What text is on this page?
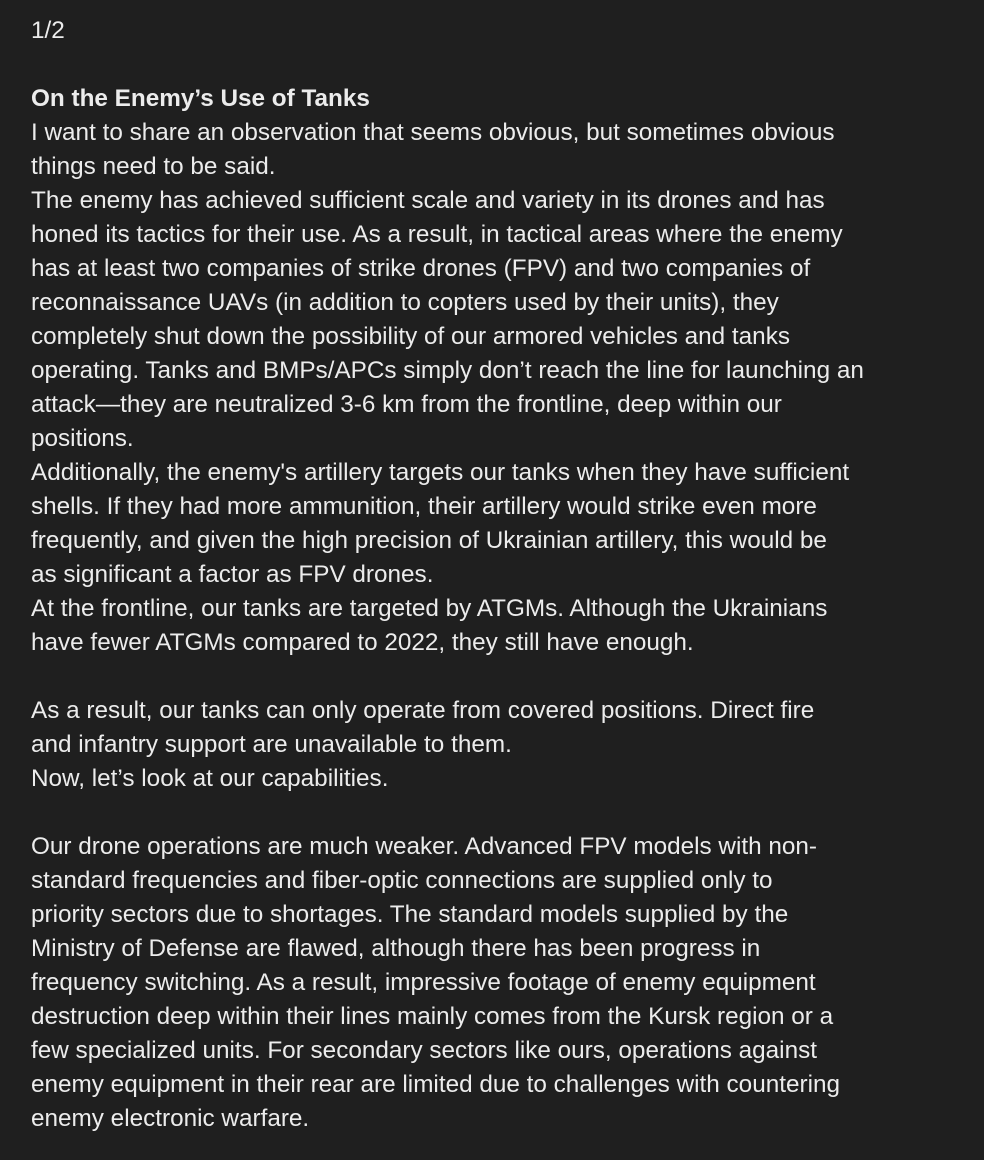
1/2
On the Enemy’s Use of Tanks
I want to share an observation that seems obvious, but sometimes obvious
things need to be said.
The enemy has achieved sufficient scale and variety in its drones and has
honed its tactics for their use. As a result, in tactical areas where the enemy
has at least two companies of strike drones (FPV) and two companies of
reconnaissance UAVs (in addition to copters used by their units), they
completely shut down the possibility of our armored vehicles and tanks
operating. Tanks and BMPs/APCs simply don’t reach the line for launching an
attack—they are neutralized 3-6 km from the frontline, deep within our
positions.
Additionally, the enemy's artillery targets our tanks when they have sufficient
shells. If they had more ammunition, their artillery would strike even more
frequently, and given the high precision of Ukrainian artillery, this would be
as significant a factor as FPV drones.
At the frontline, our tanks are targeted by ATGMs. Although the Ukrainians
have fewer ATGMs compared to 2022, they still have enough.
As a result, our tanks can only operate from covered positions. Direct fire
and infantry support are unavailable to them.
Now, let’s look at our capabilities.
Our drone operations are much weaker. Advanced FPV models with non-
standard frequencies and fiber-optic connections are supplied only to
priority sectors due to shortages. The standard models supplied by the
Ministry of Defense are flawed, although there has been progress in
frequency switching. As a result, impressive footage of enemy equipment
destruction deep within their lines mainly comes from the Kursk region or a
few specialized units. For secondary sectors like ours, operations against
enemy equipment in their rear are limited due to challenges with countering
enemy electronic warfare.
